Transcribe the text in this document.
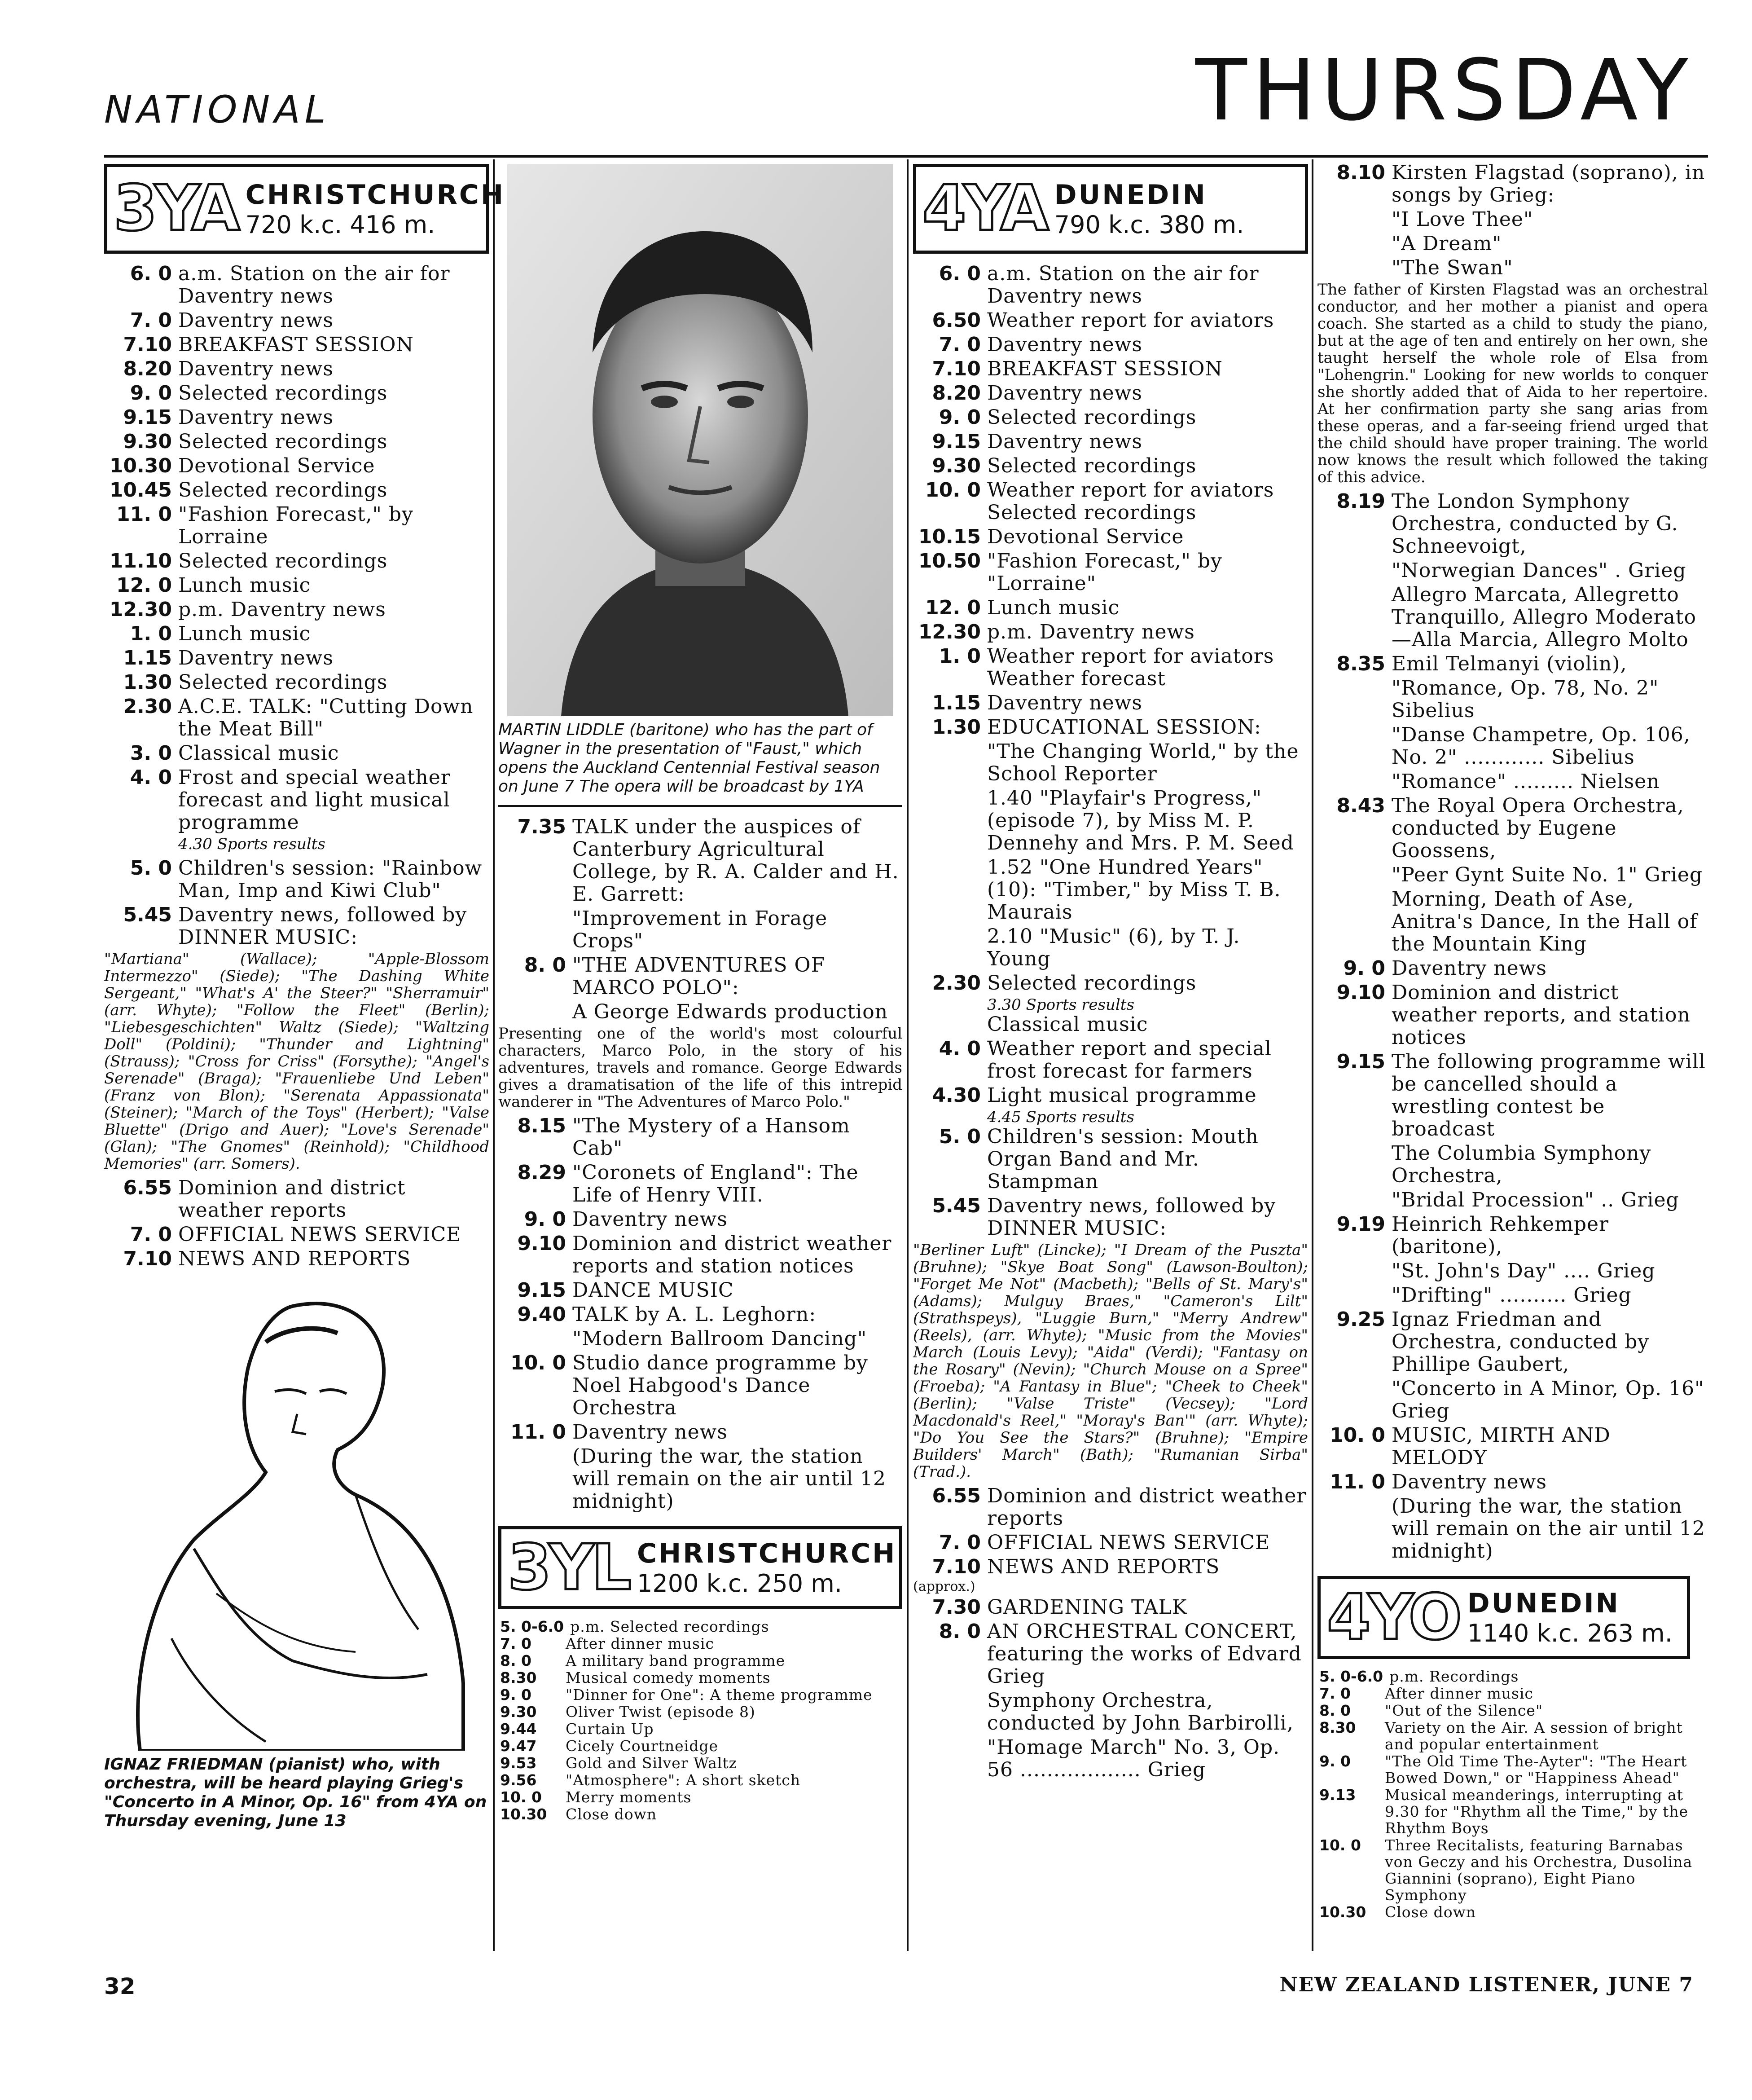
NATIONAL	THURSDAY
3YA CHRISTCHURCH
720 k.c. 416 m.
6. 0 a.m. Station on the air for Daventry news
7. 0 Daventry news
7.10 BREAKFAST SESSION
8.20 Daventry news
9. 0 Selected recordings
9.15 Daventry news
9.30 Selected recordings
10.30 Devotional Service
10.45 Selected recordings
11. 0 "Fashion Forecast," by Lorraine
11.10 Selected recordings
12. 0 Lunch music
12.30 p.m. Daventry news
1. 0 Lunch music
1.15 Daventry news
1.30 Selected recordings
2.30 A.C.E. TALK: "Cutting Down the Meat Bill"
3. 0 Classical music
4. 0 Frost and special weather forecast and light musical programme
4.30 Sports results
5. 0 Children's session: "Rainbow Man, Imp and Kiwi Club"
5.45 Daventry news, followed by DINNER MUSIC:
"Martiana" (Wallace); "Apple-Blossom Intermezzo" (Siede); "The Dashing White Sergeant," "What's A' the Steer?" "Sherramuir" (arr. Whyte); "Follow the Fleet" (Berlin); "Liebesgeschichten" Waltz (Siede); "Waltzing Doll" (Poldini); "Thunder and Lightning" (Strauss); "Cross for Criss" (Forsythe); "Angel's Serenade" (Braga); "Frauenliebe Und Leben" (Franz von Blon); "Serenata Appassionata" (Steiner); "March of the Toys" (Herbert); "Valse Bluette" (Drigo and Auer); "Love's Serenade" (Glan); "The Gnomes" (Reinhold); "Childhood Memories" (arr. Somers).
6.55 Dominion and district weather reports
7. 0 OFFICIAL NEWS SERVICE
7.10 NEWS AND REPORTS
IGNAZ FRIEDMAN (pianist) who, with orchestra, will be heard playing Grieg's "Concerto in A Minor, Op. 16" from 4YA on Thursday evening, June 13
MARTIN LIDDLE (baritone) who has the part of Wagner in the presentation of "Faust," which opens the Auckland Centennial Festival season on June 7 The opera will be broadcast by 1YA
7.35 TALK under the auspices of Canterbury Agricultural College, by R. A. Calder and H. E. Garrett:
"Improvement in Forage Crops"
8. 0 "THE ADVENTURES OF MARCO POLO":
A George Edwards production
Presenting one of the world's most colourful characters, Marco Polo, in the story of his adventures, travels and romance. George Edwards gives a dramatisation of the life of this intrepid wanderer in "The Adventures of Marco Polo."
8.15 "The Mystery of a Hansom Cab"
8.29 "Coronets of England": The Life of Henry VIII.
9. 0 Daventry news
9.10 Dominion and district weather reports and station notices
9.15 DANCE MUSIC
9.40 TALK by A. L. Leghorn:
"Modern Ballroom Dancing"
10. 0 Studio dance programme by Noel Habgood's Dance Orchestra
11. 0 Daventry news
(During the war, the station will remain on the air until 12 midnight)
3YL CHRISTCHURCH
1200 k.c. 250 m.
5. 0-6.0 p.m. Selected recordings
7. 0	After dinner music
8. 0	A military band programme
8.30	Musical comedy moments
9. 0	"Dinner for One": A theme programme
9.30	Oliver Twist (episode 8)
9.44	Curtain Up
9.47	Cicely Courtneidge
9.53	Gold and Silver Waltz
9.56	"Atmosphere": A short sketch
10. 0	Merry moments
10.30	Close down
4YA DUNEDIN
790 k.c. 380 m.
6. 0 a.m. Station on the air for Daventry news
6.50 Weather report for aviators
7. 0 Daventry news
7.10 BREAKFAST SESSION
8.20 Daventry news
9. 0 Selected recordings
9.15 Daventry news
9.30 Selected recordings
10. 0 Weather report for aviators Selected recordings
10.15 Devotional Service
10.50 "Fashion Forecast," by "Lorraine"
12. 0 Lunch music
12.30 p.m. Daventry news
1. 0 Weather report for aviators Weather forecast
1.15 Daventry news
1.30 EDUCATIONAL SESSION:
"The Changing World," by the School Reporter
1.40 "Playfair's Progress," (episode 7), by Miss M. P. Dennehy and Mrs. P. M. Seed
1.52 "One Hundred Years" (10): "Timber," by Miss T. B. Maurais
2.10 "Music" (6), by T. J. Young
2.30 Selected recordings
3.30 Sports results
Classical music
4. 0 Weather report and special frost forecast for farmers
4.30 Light musical programme
4.45 Sports results
5. 0 Children's session: Mouth Organ Band and Mr. Stampman
5.45 Daventry news, followed by DINNER MUSIC:
"Berliner Luft" (Lincke); "I Dream of the Puszta" (Bruhne); "Skye Boat Song" (Lawson-Boulton); "Forget Me Not" (Macbeth); "Bells of St. Mary's" (Adams); Mulguy Braes," "Cameron's Lilt" (Strathspeys), "Luggie Burn," "Merry Andrew" (Reels), (arr. Whyte); "Music from the Movies" March (Louis Levy); "Aida" (Verdi); "Fantasy on the Rosary" (Nevin); "Church Mouse on a Spree" (Froeba); "A Fantasy in Blue"; "Cheek to Cheek" (Berlin); "Valse Triste" (Vecsey); "Lord Macdonald's Reel," "Moray's Ban'" (arr. Whyte); "Do You See the Stars?" (Bruhne); "Empire Builders' March" (Bath); "Rumanian Sirba" (Trad.).
6.55 Dominion and district weather reports
7. 0 OFFICIAL NEWS SERVICE
7.10 NEWS AND REPORTS
(approx.)
7.30 GARDENING TALK
8. 0 AN ORCHESTRAL CONCERT, featuring the works of Edvard Grieg
Symphony Orchestra, conducted by John Barbirolli,
"Homage March" No. 3, Op. 56 .................. Grieg
8.10 Kirsten Flagstad (soprano), in songs by Grieg:
"I Love Thee"
"A Dream"
"The Swan"
The father of Kirsten Flagstad was an orchestral conductor, and her mother a pianist and opera coach. She started as a child to study the piano, but at the age of ten and entirely on her own, she taught herself the whole role of Elsa from "Lohengrin." Looking for new worlds to conquer she shortly added that of Aida to her repertoire. At her confirmation party she sang arias from these operas, and a far-seeing friend urged that the child should have proper training. The world now knows the result which followed the taking of this advice.
8.19 The London Symphony Orchestra, conducted by G. Schneevoigt,
"Norwegian Dances" . Grieg
Allegro Marcata, Allegretto Tranquillo, Allegro Moderato —Alla Marcia, Allegro Molto
8.35 Emil Telmanyi (violin),
"Romance, Op. 78, No. 2" Sibelius
"Danse Champetre, Op. 106, No. 2" ............ Sibelius
"Romance" ......... Nielsen
8.43 The Royal Opera Orchestra, conducted by Eugene Goossens,
"Peer Gynt Suite No. 1" Grieg
Morning, Death of Ase, Anitra's Dance, In the Hall of the Mountain King
9. 0 Daventry news
9.10 Dominion and district weather reports, and station notices
9.15 The following programme will be cancelled should a wrestling contest be broadcast
The Columbia Symphony Orchestra,
"Bridal Procession" .. Grieg
9.19 Heinrich Rehkemper (baritone),
"St. John's Day" .... Grieg
"Drifting" .......... Grieg
9.25 Ignaz Friedman and Orchestra, conducted by Phillipe Gaubert,
"Concerto in A Minor, Op. 16" Grieg
10. 0 MUSIC, MIRTH AND MELODY
11. 0 Daventry news
(During the war, the station will remain on the air until 12 midnight)
4YO DUNEDIN
1140 k.c. 263 m.
5. 0-6.0 p.m. Recordings
7. 0	After dinner music
8. 0	"Out of the Silence"
8.30	Variety on the Air. A session of bright and popular entertainment
9. 0	"The Old Time The-Ayter": "The Heart Bowed Down," or "Happiness Ahead"
9.13	Musical meanderings, interrupting at 9.30 for "Rhythm all the Time," by the Rhythm Boys
10. 0	Three Recitalists, featuring Barnabas von Geczy and his Orchestra, Dusolina Giannini (soprano), Eight Piano Symphony
10.30	Close down
32	NEW ZEALAND LISTENER, JUNE 7
